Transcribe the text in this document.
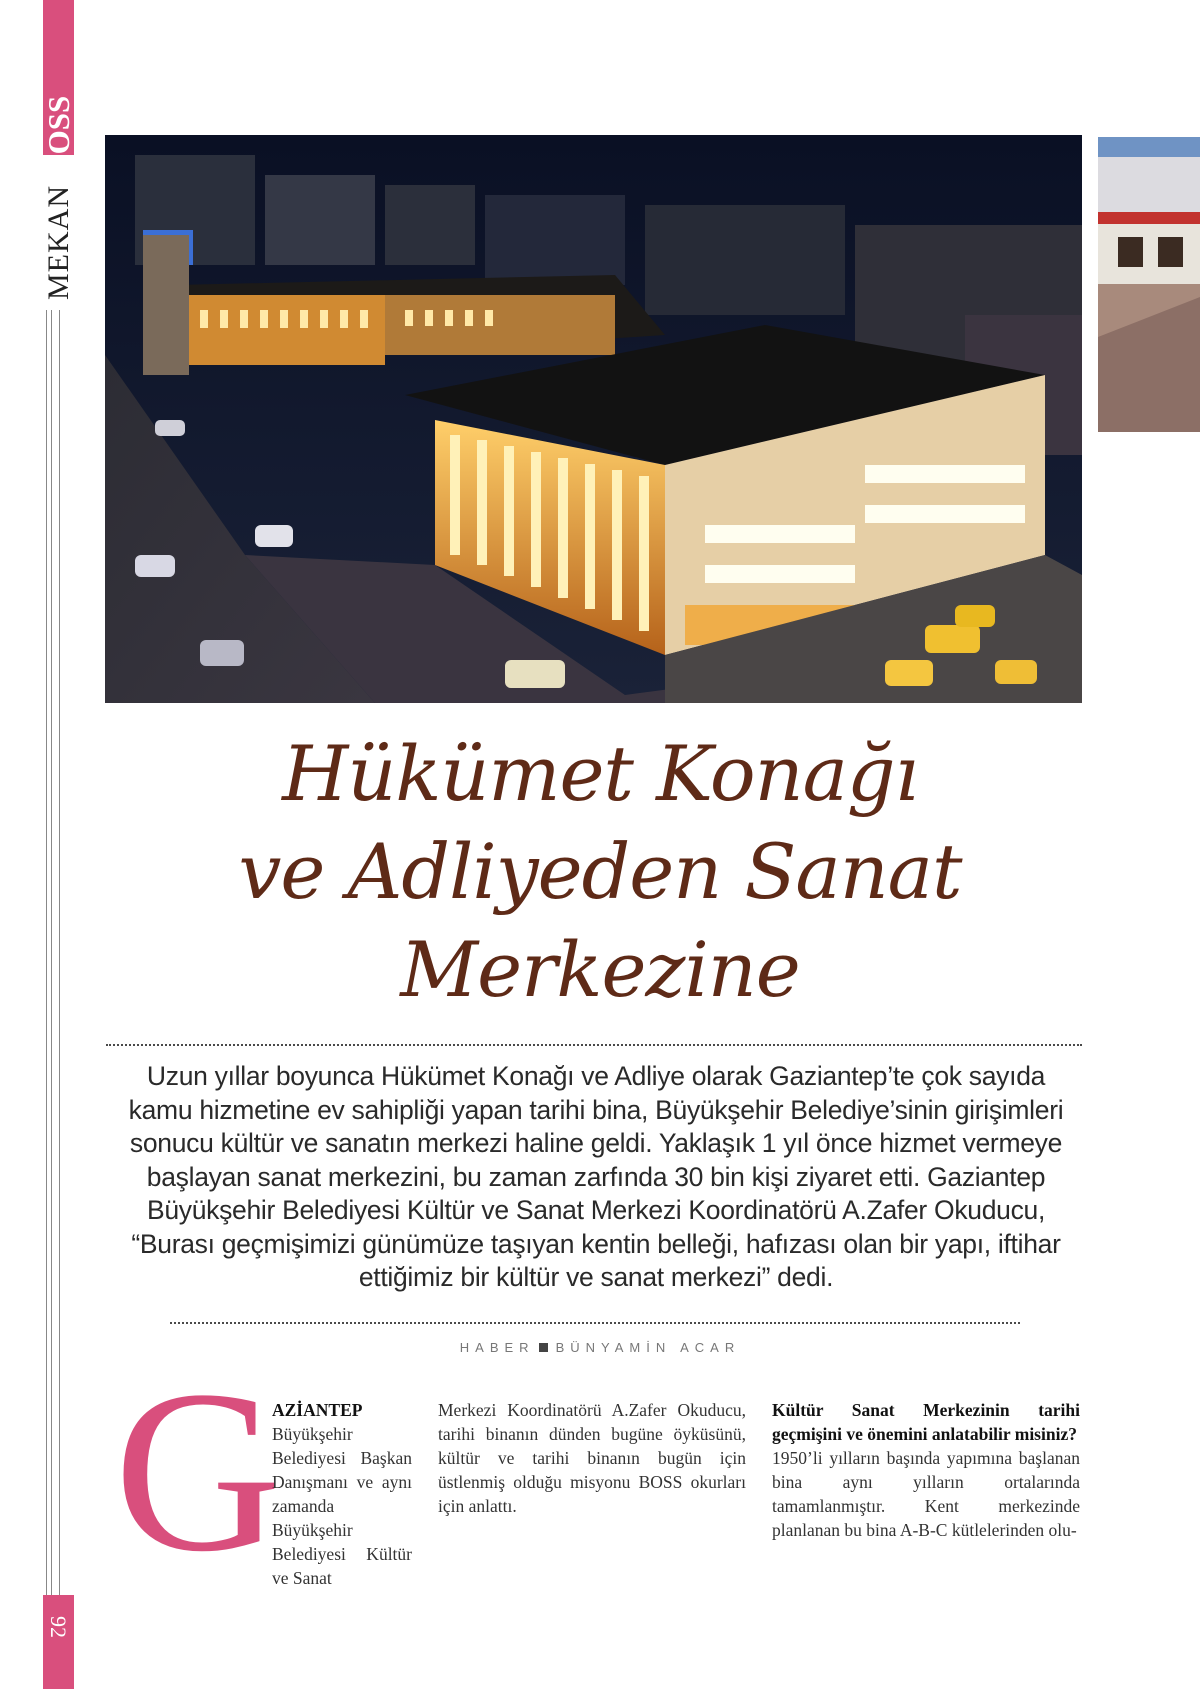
MEKAN
BOSS
92
Hükümet Konağı
ve Adliyeden Sanat
Merkezine
Uzun yıllar boyunca Hükümet Konağı ve Adliye olarak Gaziantep’te çok sayıda kamu hizmetine ev sahipliği yapan tarihi bina, Büyükşehir Belediye’sinin girişimleri sonucu kültür ve sanatın merkezi haline geldi. Yaklaşık 1 yıl önce hizmet vermeye başlayan sanat merkezini, bu zaman zarfında 30 bin kişi ziyaret etti. Gaziantep Büyükşehir Belediyesi Kültür ve Sanat Merkezi Koordinatörü A.Zafer Okuducu, “Burası geçmişimizi günümüze taşıyan kentin belleği, hafızası olan bir yapı, iftihar ettiğimiz bir kültür ve sanat merkezi” dedi.
HABER BÜNYAMİN ACAR
G
AZİANTEP Büyükşehir Belediyesi Başkan Danışmanı ve aynı zamanda Büyükşehir Belediyesi Kültür ve Sanat
Merkezi Koordinatörü A.Zafer Okuducu, tarihi binanın dünden bugüne öyküsünü, kültür ve tarihi binanın bugün için üstlenmiş olduğu misyonu BOSS okurları için anlattı.
Kültür Sanat Merkezinin tarihi geçmişini ve önemini anlatabilir misiniz?
1950’li yılların başında yapımına başlanan bina aynı yılların ortalarında tamamlanmıştır. Kent merkezinde planlanan bu bina A-B-C kütlelerinden olu-
